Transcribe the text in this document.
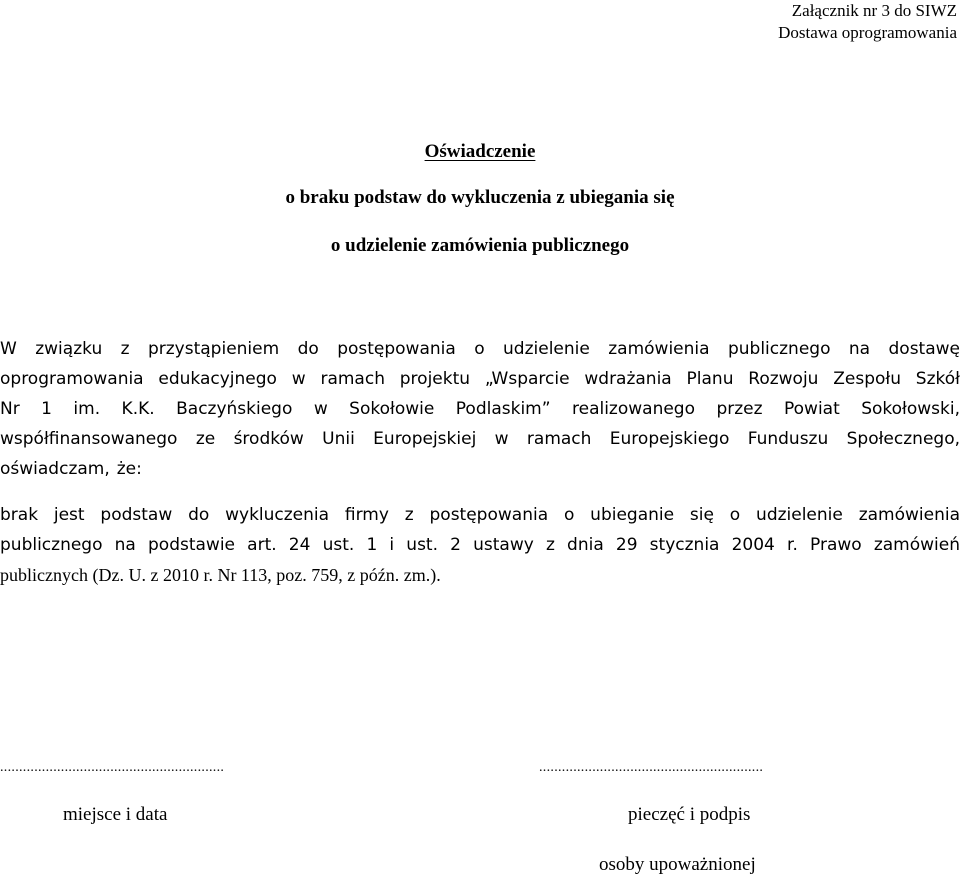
Załącznik nr 3 do SIWZ
Dostawa oprogramowania
Oświadczenie
o braku podstaw do wykluczenia z ubiegania się
o udzielenie zamówienia publicznego
W związku z przystąpieniem do postępowania o udzielenie zamówienia publicznego na dostawę
oprogramowania edukacyjnego w ramach projektu „Wsparcie wdrażania Planu Rozwoju Zespołu Szkół
Nr 1 im. K.K. Baczyńskiego w Sokołowie Podlaskim” realizowanego przez Powiat Sokołowski,
współfinansowanego ze środków Unii Europejskiej w ramach Europejskiego Funduszu Społecznego,
oświadczam, że:
brak jest podstaw do wykluczenia firmy z postępowania o ubieganie się o udzielenie zamówienia
publicznego na podstawie art. 24 ust. 1 i ust. 2 ustawy z dnia 29 stycznia 2004 r. Prawo zamówień
publicznych (Dz. U. z 2010 r. Nr 113, poz. 759, z późn. zm.).
...........................................................	...........................................................
miejsce i data	pieczęć i podpis
osoby upoważnionej
